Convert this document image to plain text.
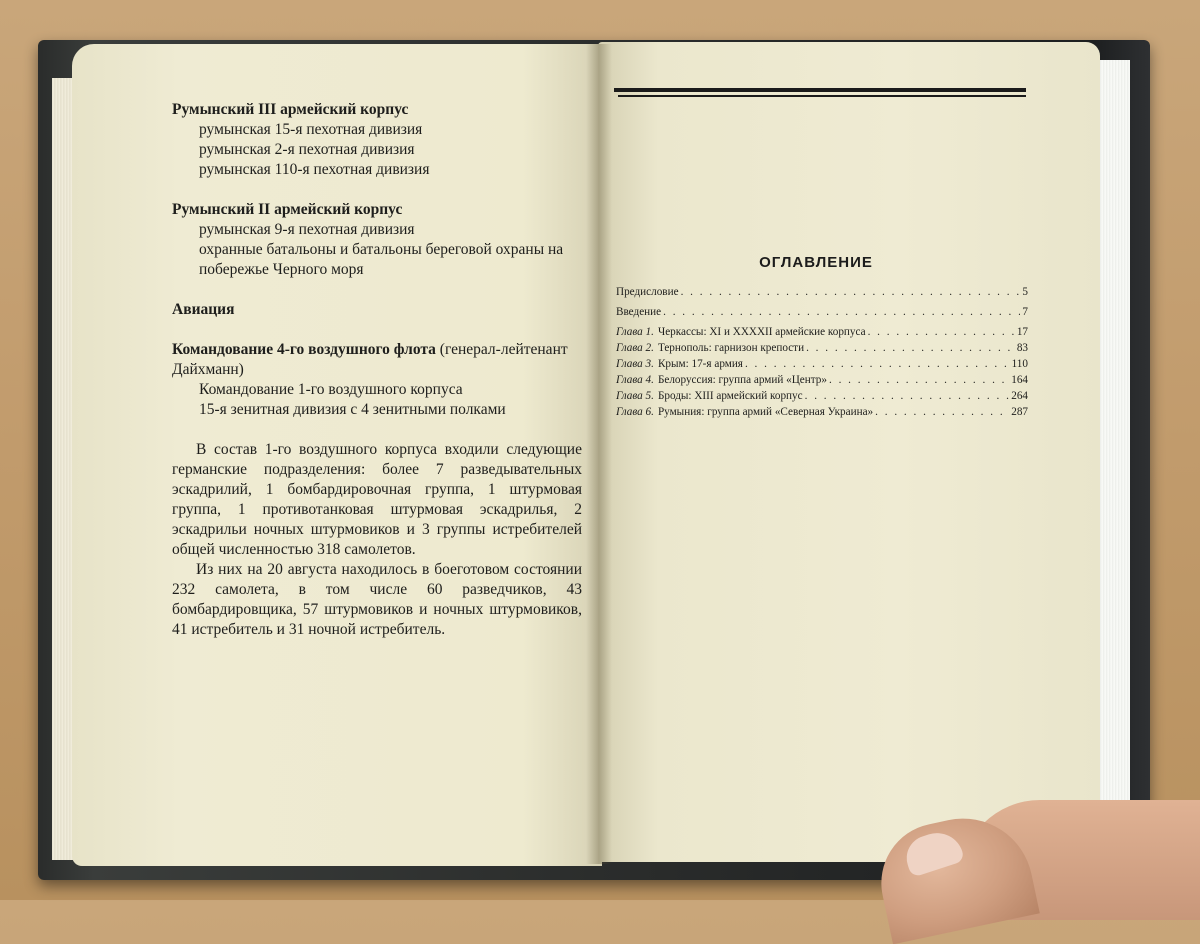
Румынский III армейский корпус

румынская 15-я пехотная дивизия

румынская 2-я пехотная дивизия

румынская 110-я пехотная дивизия

Румынский II армейский корпус

румынская 9-я пехотная дивизия

охранные батальоны и батальоны береговой охраны на побережье Черного моря

Авиация

Командование 4-го воздушного флота (генерал-лейтенант Дайхманн)

Командование 1-го воздушного корпуса

15-я зенитная дивизия с 4 зенитными полками

В состав 1-го воздушного корпуса входили следующие германские подразделения: более 7 разведывательных эскадрилий, 1 бомбардировочная группа, 1 штурмовая группа, 1 противотанковая штурмовая эскадрилья, 2 эскадрильи ночных штурмовиков и 3 группы истребителей общей численностью 318 самолетов.

Из них на 20 августа находилось в боеготовом состоянии 232 самолета, в том числе 60 разведчиков, 43 бомбардировщика, 57 штурмовиков и ночных штурмовиков, 41 истребитель и 31 ночной истребитель.

ОГЛАВЛЕНИЕ
Предисловие . . .	5
Введение . . .	7
Глава 1. Черкассы: XI и XXXXII армейские корпуса . . .	17
Глава 2. Тернополь: гарнизон крепости . . .	83
Глава 3. Крым: 17-я армия . . .	110
Глава 4. Белоруссия: группа армий «Центр» . . .	164
Глава 5. Броды: XIII армейский корпус . . .	264
Глава 6. Румыния: группа армий «Северная Украина» . . .	287
